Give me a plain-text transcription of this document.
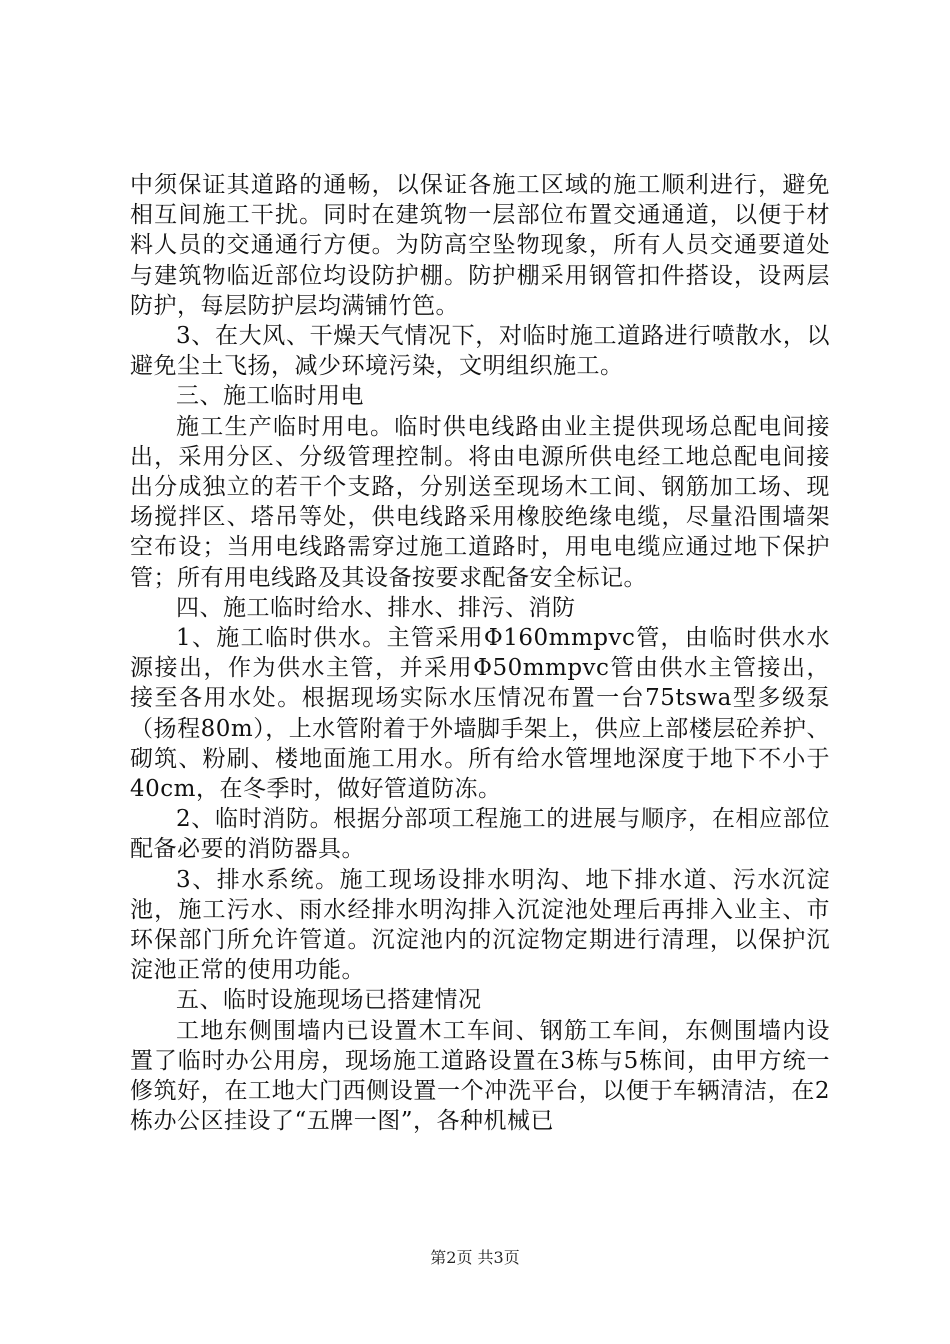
中须保证其道路的通畅，以保证各施工区域的施工顺利进行，避免相互间施工干扰。同时在建筑物一层部位布置交通通道，以便于材料人员的交通通行方便。为防高空坠物现象，所有人员交通要道处与建筑物临近部位均设防护棚。防护棚采用钢管扣件搭设，设两层防护，每层防护层均满铺竹笆。

3、在大风、干燥天气情况下，对临时施工道路进行喷散水，以避免尘土飞扬，减少环境污染，文明组织施工。

三、施工临时用电

施工生产临时用电。临时供电线路由业主提供现场总配电间接出，采用分区、分级管理控制。将由电源所供电经工地总配电间接出分成独立的若干个支路，分别送至现场木工间、钢筋加工场、现场搅拌区、塔吊等处，供电线路采用橡胶绝缘电缆，尽量沿围墙架空布设；当用电线路需穿过施工道路时，用电电缆应通过地下保护管；所有用电线路及其设备按要求配备安全标记。

四、施工临时给水、排水、排污、消防

1、施工临时供水。主管采用Φ160mmpvc管，由临时供水水源接出，作为供水主管，并采用Φ50mmpvc管由供水主管接出，接至各用水处。根据现场实际水压情况布置一台75tswa型多级泵（扬程80m），上水管附着于外墙脚手架上，供应上部楼层砼养护、砌筑、粉刷、楼地面施工用水。所有给水管埋地深度于地下不小于40cm，在冬季时，做好管道防冻。

2、临时消防。根据分部项工程施工的进展与顺序，在相应部位配备必要的消防器具。

3、排水系统。施工现场设排水明沟、地下排水道、污水沉淀池，施工污水、雨水经排水明沟排入沉淀池处理后再排入业主、市环保部门所允许管道。沉淀池内的沉淀物定期进行清理，以保护沉淀池正常的使用功能。

五、临时设施现场已搭建情况

工地东侧围墙内已设置木工车间、钢筋工车间，东侧围墙内设置了临时办公用房，现场施工道路设置在3栋与5栋间，由甲方统一修筑好，在工地大门西侧设置一个冲洗平台，以便于车辆清洁，在2栋办公区挂设了“五牌一图”，各种机械已

第2页 共3页
